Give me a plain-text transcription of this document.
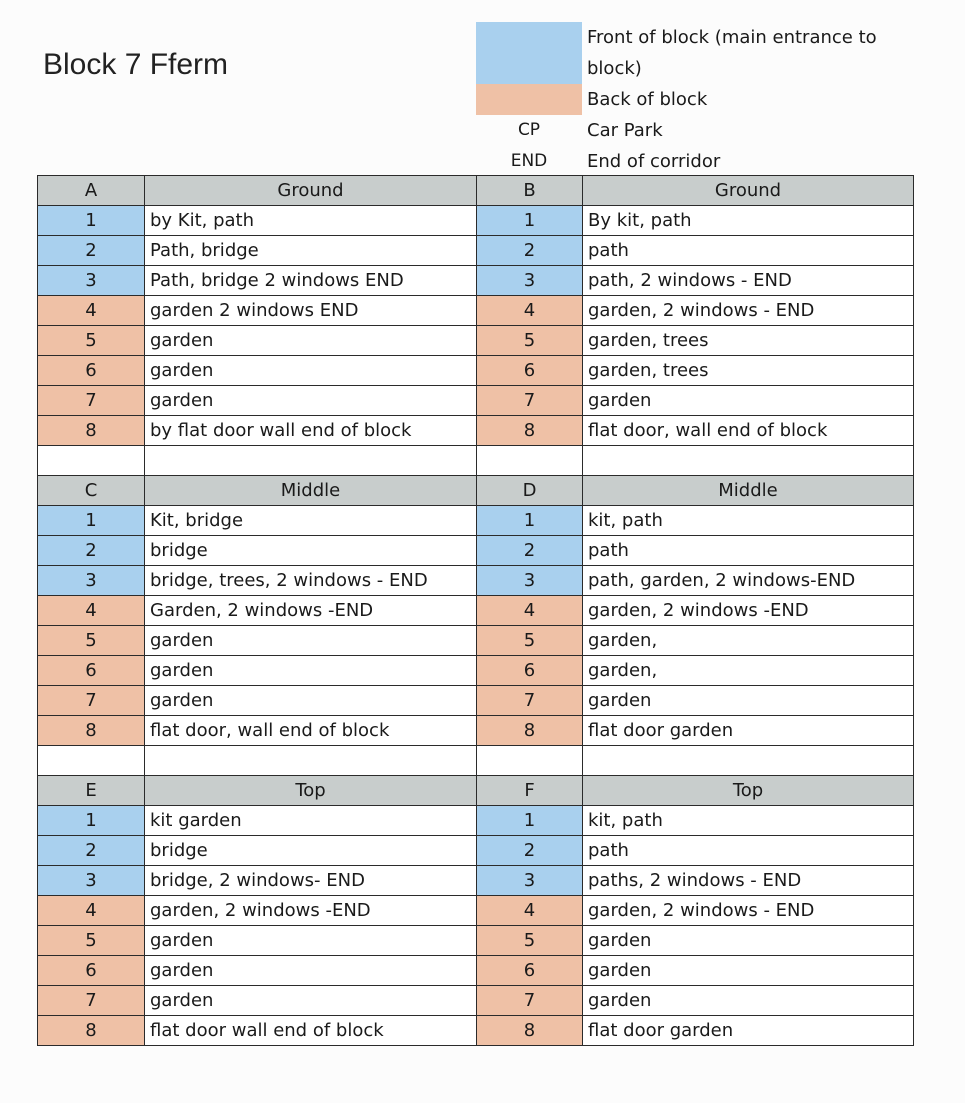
Block 7 Fferm
Front of block (main entrance to
block)
Back of block
CP	Car Park
END	End of corridor
A	Ground	B	Ground
1	by Kit, path	1	By kit, path
2	Path, bridge	2	path
3	Path, bridge 2 windows END	3	path, 2 windows - END
4	garden 2 windows END	4	garden, 2 windows - END
5	garden	5	garden, trees
6	garden	6	garden, trees
7	garden	7	garden
8	by flat door wall end of block	8	flat door, wall end of block

C	Middle	D	Middle
1	Kit, bridge	1	kit, path
2	bridge	2	path
3	bridge, trees, 2 windows - END	3	path, garden, 2 windows-END
4	Garden, 2 windows -END	4	garden, 2 windows -END
5	garden	5	garden,
6	garden	6	garden,
7	garden	7	garden
8	flat door, wall end of block	8	flat door garden

E	Top	F	Top
1	kit garden	1	kit, path
2	bridge	2	path
3	bridge, 2 windows- END	3	paths, 2 windows - END
4	garden, 2 windows -END	4	garden, 2 windows - END
5	garden	5	garden
6	garden	6	garden
7	garden	7	garden
8	flat door wall end of block	8	flat door garden
